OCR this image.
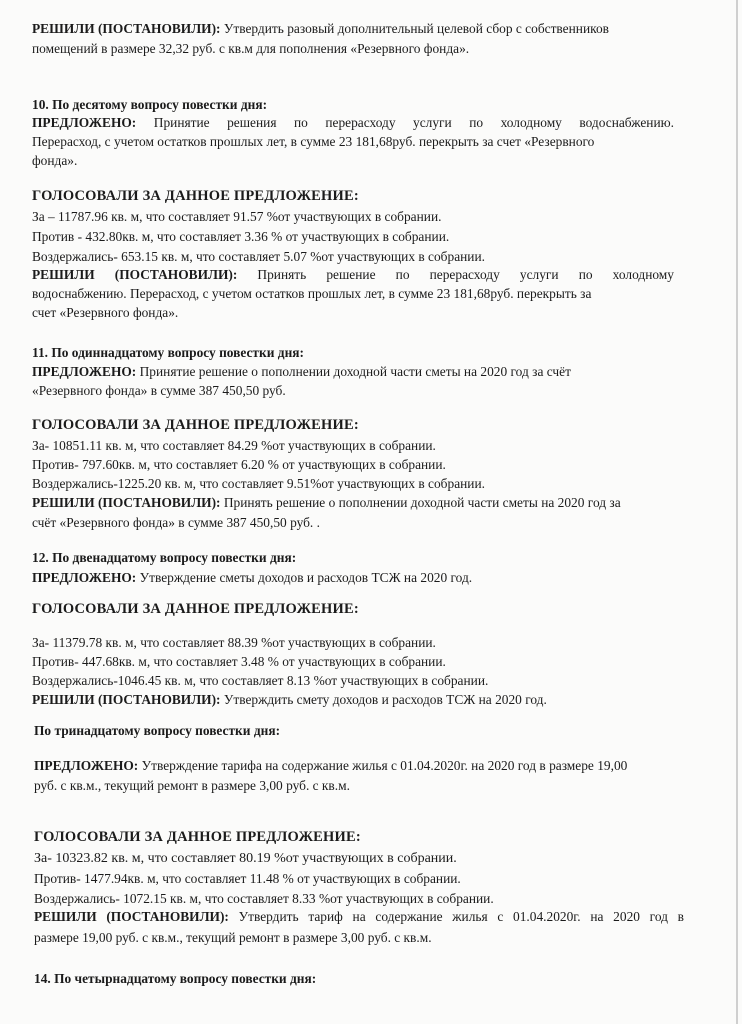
РЕШИЛИ (ПОСТАНОВИЛИ): Утвердить разовый дополнительный целевой сбор с собственников
помещений в размере 32,32 руб. с кв.м для пополнения «Резервного фонда».
10. По десятому вопросу повестки дня:
ПРЕДЛОЖЕНО: Принятие решения по перерасходу услуги по холодному водоснабжению.
Перерасход, с учетом остатков прошлых лет, в сумме 23 181,68руб. перекрыть за счет «Резервного
фонда».
ГОЛОСОВАЛИ ЗА ДАННОЕ ПРЕДЛОЖЕНИЕ:
За – 11787.96 кв. м, что составляет 91.57 %от участвующих в собрании.
Против - 432.80кв. м, что составляет 3.36 % от участвующих в собрании.
Воздержались- 653.15 кв. м, что составляет 5.07 %от участвующих в собрании.
РЕШИЛИ (ПОСТАНОВИЛИ): Принять решение по перерасходу услуги по холодному
водоснабжению. Перерасход, с учетом остатков прошлых лет, в сумме 23 181,68руб. перекрыть за
счет «Резервного фонда».
11. По одиннадцатому вопросу повестки дня:
ПРЕДЛОЖЕНО: Принятие решение о пополнении доходной части сметы на 2020 год за счёт
«Резервного фонда» в сумме 387 450,50 руб.
ГОЛОСОВАЛИ ЗА ДАННОЕ ПРЕДЛОЖЕНИЕ:
За- 10851.11 кв. м, что составляет 84.29 %от участвующих в собрании.
Против- 797.60кв. м, что составляет 6.20 % от участвующих в собрании.
Воздержались-1225.20 кв. м, что составляет 9.51%от участвующих в собрании.
РЕШИЛИ (ПОСТАНОВИЛИ): Принять решение о пополнении доходной части сметы на 2020 год за
счёт «Резервного фонда» в сумме 387 450,50 руб. .
12. По двенадцатому вопросу повестки дня:
ПРЕДЛОЖЕНО: Утверждение сметы доходов и расходов ТСЖ на 2020 год.
ГОЛОСОВАЛИ ЗА ДАННОЕ ПРЕДЛОЖЕНИЕ:
За- 11379.78 кв. м, что составляет 88.39 %от участвующих в собрании.
Против- 447.68кв. м, что составляет 3.48 % от участвующих в собрании.
Воздержались-1046.45 кв. м, что составляет 8.13 %от участвующих в собрании.
РЕШИЛИ (ПОСТАНОВИЛИ): Утверждить смету доходов и расходов ТСЖ на 2020 год.
По тринадцатому вопросу повестки дня:
ПРЕДЛОЖЕНО: Утверждение тарифа на содержание жилья с 01.04.2020г. на 2020 год в размере 19,00
руб. с кв.м., текущий ремонт в размере 3,00 руб. с кв.м.
ГОЛОСОВАЛИ ЗА ДАННОЕ ПРЕДЛОЖЕНИЕ:
За- 10323.82 кв. м, что составляет 80.19 %от участвующих в собрании.
Против- 1477.94кв. м, что составляет 11.48 % от участвующих в собрании.
Воздержались- 1072.15 кв. м, что составляет 8.33 %от участвующих в собрании.
РЕШИЛИ (ПОСТАНОВИЛИ): Утвердить тариф на содержание жилья с 01.04.2020г. на 2020 год в
размере 19,00 руб. с кв.м., текущий ремонт в размере 3,00 руб. с кв.м.
14. По четырнадцатому вопросу повестки дня:
